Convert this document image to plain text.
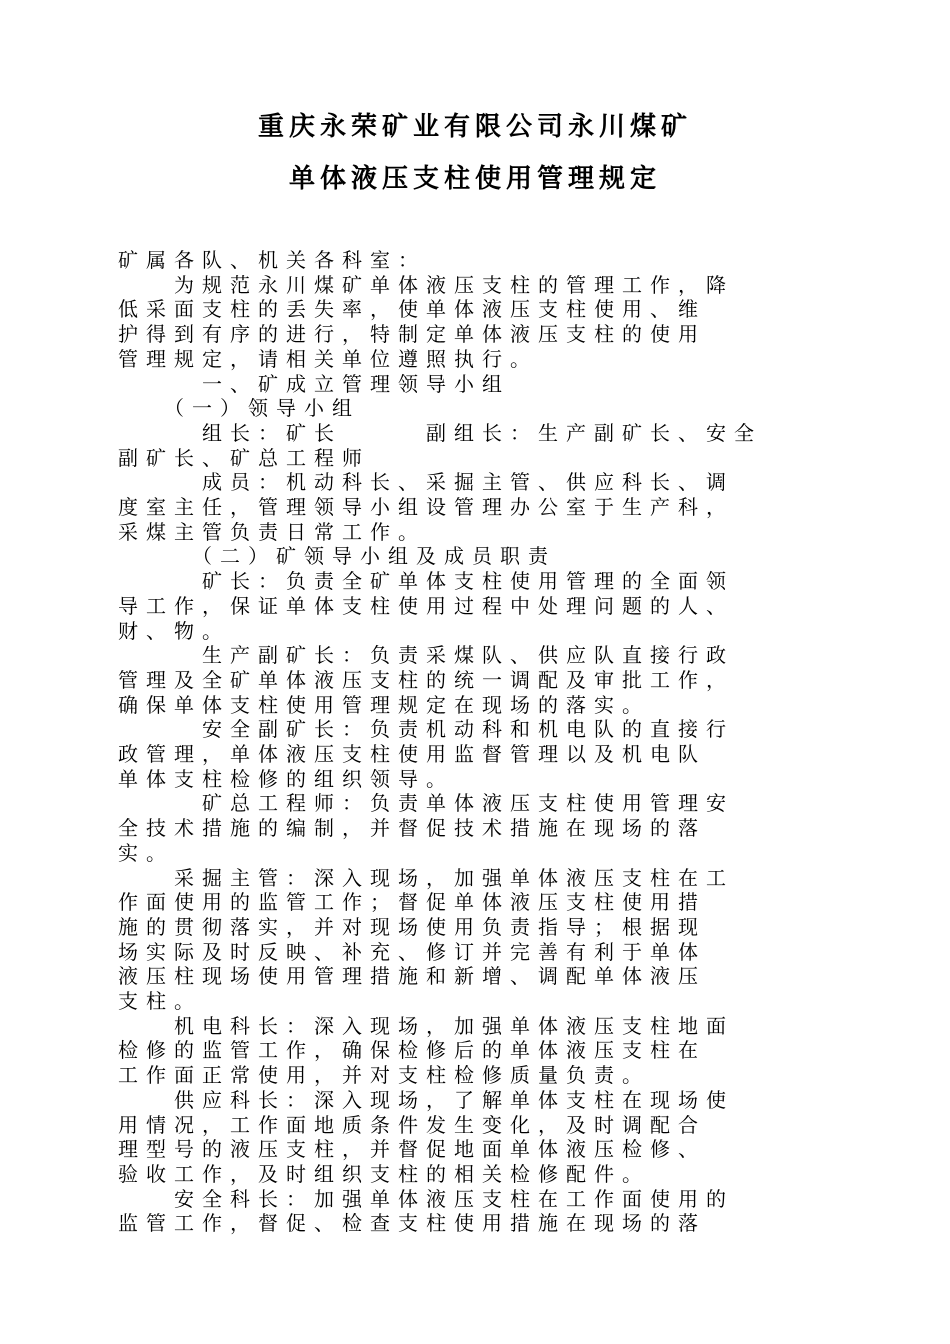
重庆永荣矿业有限公司永川煤矿
单体液压支柱使用管理规定

矿属各队、机关各科室：

　　为规范永川煤矿单体液压支柱的管理工作，降

低采面支柱的丢失率，使单体液压支柱使用、维

护得到有序的进行，特制定单体液压支柱的使用

管理规定，请相关单位遵照执行。

　　　一、矿成立管理领导小组

　　（一）领导小组

　　　组长：矿长　　　副组长：生产副矿长、安全

副矿长、矿总工程师

　　　成员：机动科长、采掘主管、供应科长、调

度室主任，管理领导小组设管理办公室于生产科，

采煤主管负责日常工作。

　　　（二）矿领导小组及成员职责

　　　矿长：负责全矿单体支柱使用管理的全面领

导工作，保证单体支柱使用过程中处理问题的人、

财、物。

　　　生产副矿长：负责采煤队、供应队直接行政

管理及全矿单体液压支柱的统一调配及审批工作，

确保单体支柱使用管理规定在现场的落实。

　　　安全副矿长：负责机动科和机电队的直接行

政管理，单体液压支柱使用监督管理以及机电队

单体支柱检修的组织领导。

　　　矿总工程师：负责单体液压支柱使用管理安

全技术措施的编制，并督促技术措施在现场的落

实。

　　采掘主管：深入现场，加强单体液压支柱在工

作面使用的监管工作；督促单体液压支柱使用措

施的贯彻落实，并对现场使用负责指导；根据现

场实际及时反映、补充、修订并完善有利于单体

液压柱现场使用管理措施和新增、调配单体液压

支柱。

　　机电科长：深入现场，加强单体液压支柱地面

检修的监管工作，确保检修后的单体液压支柱在

工作面正常使用，并对支柱检修质量负责。

　　供应科长：深入现场，了解单体支柱在现场使

用情况，工作面地质条件发生变化，及时调配合

理型号的液压支柱，并督促地面单体液压检修、

验收工作，及时组织支柱的相关检修配件。

　　安全科长：加强单体液压支柱在工作面使用的

监管工作，督促、检查支柱使用措施在现场的落
